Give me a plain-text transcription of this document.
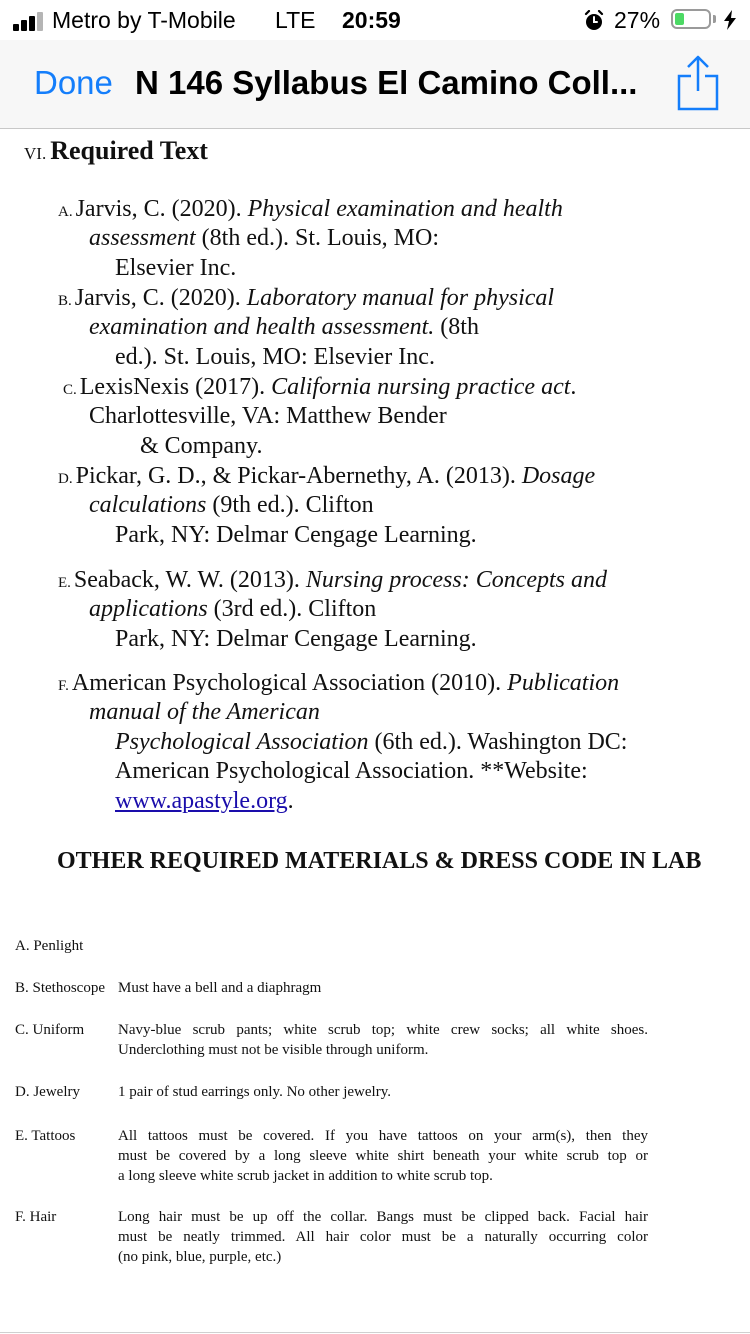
Metro by T-Mobile LTE 20:59	27%
Done N 146 Syllabus El Camino Coll...
VI. Required Text
A. Jarvis, C. (2020). Physical examination and health
assessment (8th ed.). St. Louis, MO:
Elsevier Inc.
B. Jarvis, C. (2020). Laboratory manual for physical
examination and health assessment. (8th
ed.). St. Louis, MO: Elsevier Inc.
C. LexisNexis (2017). California nursing practice act.
Charlottesville, VA: Matthew Bender
& Company.
D. Pickar, G. D., & Pickar-Abernethy, A. (2013). Dosage
calculations (9th ed.). Clifton
Park, NY: Delmar Cengage Learning.
E. Seaback, W. W. (2013). Nursing process: Concepts and
applications (3rd ed.). Clifton
Park, NY: Delmar Cengage Learning.
F. American Psychological Association (2010). Publication
manual of the American
Psychological Association (6th ed.). Washington DC:
American Psychological Association. **Website:
www.apastyle.org.
OTHER REQUIRED MATERIALS & DRESS CODE IN LAB
A. Penlight
B. Stethoscope Must have a bell and a diaphragm
C. Uniform Navy-blue scrub pants; white scrub top; white crew socks; all white shoes.
Underclothing must not be visible through uniform.
D. Jewelry	1 pair of stud earrings only. No other jewelry.
E. Tattoos	All tattoos must be covered. If you have tattoos on your arm(s), then they
must be covered by a long sleeve white shirt beneath your white scrub top or
a long sleeve white scrub jacket in addition to white scrub top.
F. Hair	Long hair must be up off the collar. Bangs must be clipped back. Facial hair
must be neatly trimmed. All hair color must be a naturally occurring color
(no pink, blue, purple, etc.)
